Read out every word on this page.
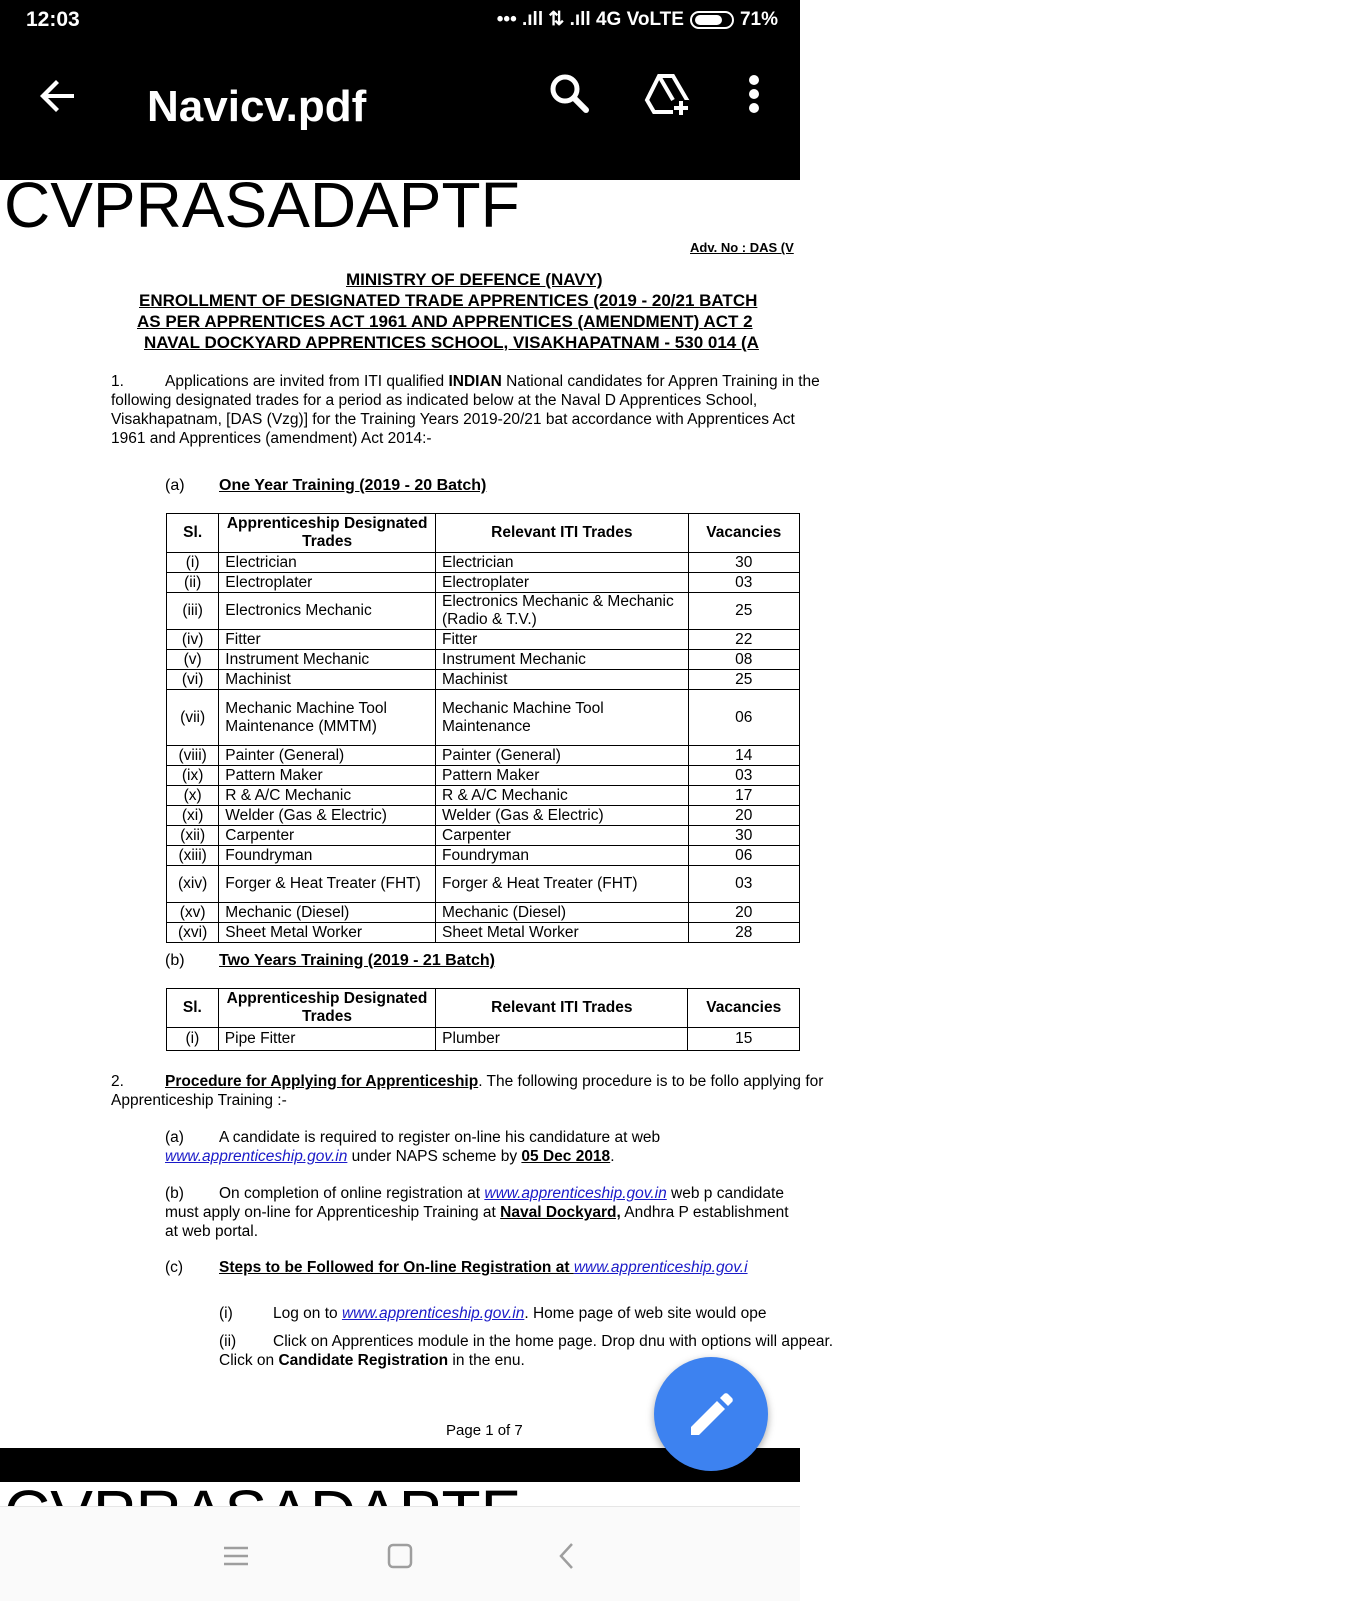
12:03	••• .ıll ⇅ .ıll 4G VoLTE	71%
Navicv.pdf
CVPRASADAPTF
Adv. No : DAS (V
MINISTRY OF DEFENCE (NAVY)
ENROLLMENT OF DESIGNATED TRADE APPRENTICES (2019 - 20/21 BATCH
AS PER APPRENTICES ACT 1961 AND APPRENTICES (AMENDMENT) ACT 2
NAVAL DOCKYARD APPRENTICES SCHOOL, VISAKHAPATNAM - 530 014 (A
1.	Applications are invited from ITI qualified INDIAN National candidates for Appren Training in the following designated trades for a period as indicated below at the Naval D Apprentices School, Visakhapatnam, [DAS (Vzg)] for the Training Years 2019-20/21 bat accordance with Apprentices Act 1961 and Apprentices (amendment) Act 2014:-
(a) One Year Training (2019 - 20 Batch)
Sl.	Apprenticeship Designated Trades	Relevant ITI Trades	Vacancies
(i)	Electrician	Electrician	30
(ii)	Electroplater	Electroplater	03
(iii)	Electronics Mechanic	Electronics Mechanic & Mechanic (Radio & T.V.)	25
(iv)	Fitter	Fitter	22
(v)	Instrument Mechanic	Instrument Mechanic	08
(vi)	Machinist	Machinist	25
(vii)	Mechanic Machine Tool Maintenance (MMTM)	Mechanic Machine Tool Maintenance	06
(viii)	Painter (General)	Painter (General)	14
(ix)	Pattern Maker	Pattern Maker	03
(x)	R & A/C Mechanic	R & A/C Mechanic	17
(xi)	Welder (Gas & Electric)	Welder (Gas & Electric)	20
(xii)	Carpenter	Carpenter	30
(xiii)	Foundryman	Foundryman	06
(xiv)	Forger & Heat Treater (FHT)	Forger & Heat Treater (FHT)	03
(xv)	Mechanic (Diesel)	Mechanic (Diesel)	20
(xvi)	Sheet Metal Worker	Sheet Metal Worker	28
(b) Two Years Training (2019 - 21 Batch)
Sl.	Apprenticeship Designated Trades	Relevant ITI Trades	Vacancies
(i)	Pipe Fitter	Plumber	15
2.	Procedure for Applying for Apprenticeship. The following procedure is to be follo applying for Apprenticeship Training :-
(a) A candidate is required to register on-line his candidature at web
www.apprenticeship.gov.in under NAPS scheme by 05 Dec 2018.
(b) On completion of online registration at www.apprenticeship.gov.in web p candidate must apply on-line for Apprenticeship Training at Naval Dockyard, Andhra P establishment at web portal.
(c) Steps to be Followed for On-line Registration at www.apprenticeship.gov.i
(i)	Log on to www.apprenticeship.gov.in. Home page of web site would ope
(ii) Click on Apprentices module in the home page. Drop dnu with options will appear. Click on Candidate Registration in the enu.
Page 1 of 7
